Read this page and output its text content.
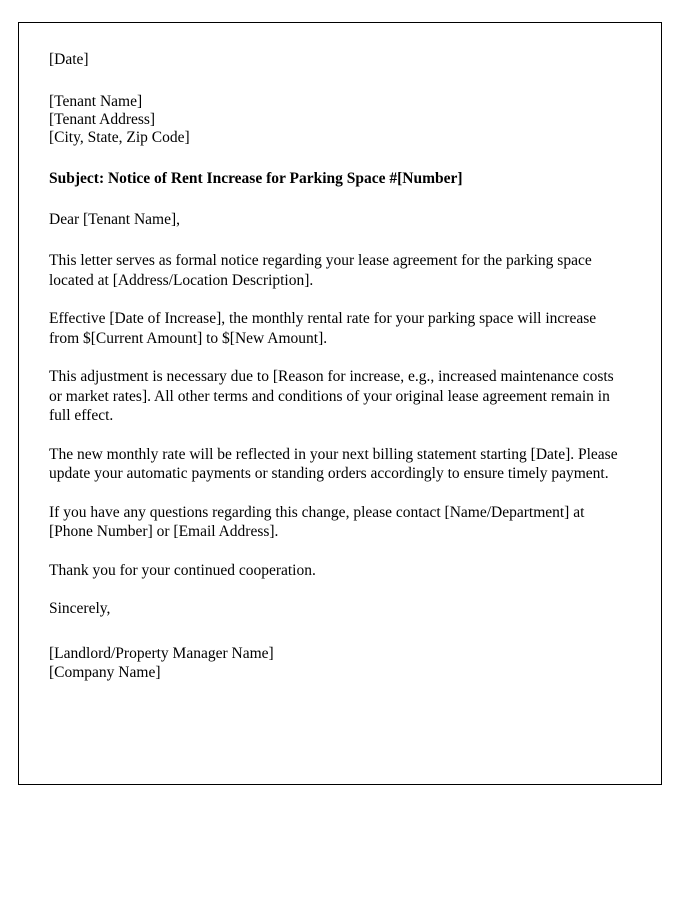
[Date]
[Tenant Name]
[Tenant Address]
[City, State, Zip Code]
Subject: Notice of Rent Increase for Parking Space #[Number]
Dear [Tenant Name],

This letter serves as formal notice regarding your lease agreement for the parking space located at [Address/Location Description].

Effective [Date of Increase], the monthly rental rate for your parking space will increase from $[Current Amount] to $[New Amount].

This adjustment is necessary due to [Reason for increase, e.g., increased maintenance costs or market rates]. All other terms and conditions of your original lease agreement remain in full effect.

The new monthly rate will be reflected in your next billing statement starting [Date]. Please update your automatic payments or standing orders accordingly to ensure timely payment.

If you have any questions regarding this change, please contact [Name/Department] at [Phone Number] or [Email Address].

Thank you for your continued cooperation.

Sincerely,
[Landlord/Property Manager Name]
[Company Name]
